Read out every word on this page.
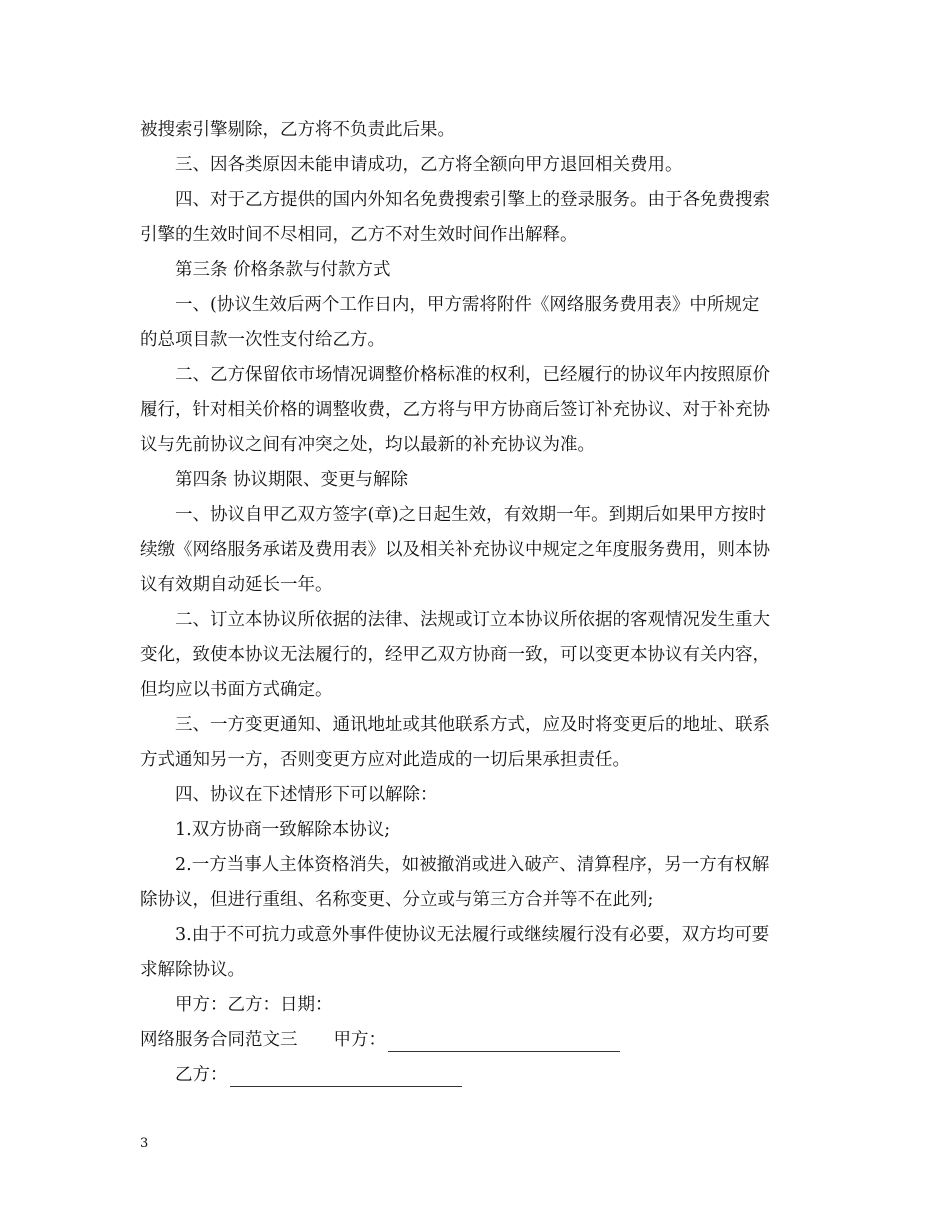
被搜索引擎剔除，乙方将不负责此后果。
三、因各类原因未能申请成功，乙方将全额向甲方退回相关费用。
四、对于乙方提供的国内外知名免费搜索引擎上的登录服务。由于各免费搜索
引擎的生效时间不尽相同，乙方不对生效时间作出解释。
第三条 价格条款与付款方式
一、(协议生效后两个工作日内，甲方需将附件《网络服务费用表》中所规定
的总项目款一次性支付给乙方。
二、乙方保留依市场情况调整价格标准的权利，已经履行的协议年内按照原价
履行，针对相关价格的调整收费，乙方将与甲方协商后签订补充协议、对于补充协
议与先前协议之间有冲突之处，均以最新的补充协议为准。
第四条 协议期限、变更与解除
一、协议自甲乙双方签字(章)之日起生效，有效期一年。到期后如果甲方按时
续缴《网络服务承诺及费用表》以及相关补充协议中规定之年度服务费用，则本协
议有效期自动延长一年。
二、订立本协议所依据的法律、法规或订立本协议所依据的客观情况发生重大
变化，致使本协议无法履行的，经甲乙双方协商一致，可以变更本协议有关内容，
但均应以书面方式确定。
三、一方变更通知、通讯地址或其他联系方式，应及时将变更后的地址、联系
方式通知另一方，否则变更方应对此造成的一切后果承担责任。
四、协议在下述情形下可以解除：
1.双方协商一致解除本协议;
2.一方当事人主体资格消失，如被撤消或进入破产、清算程序，另一方有权解
除协议，但进行重组、名称变更、分立或与第三方合并等不在此列;
3.由于不可抗力或意外事件使协议无法履行或继续履行没有必要，双方均可要
求解除协议。
甲方：乙方：日期：
网络服务合同范文三 甲方：
乙方：
3
